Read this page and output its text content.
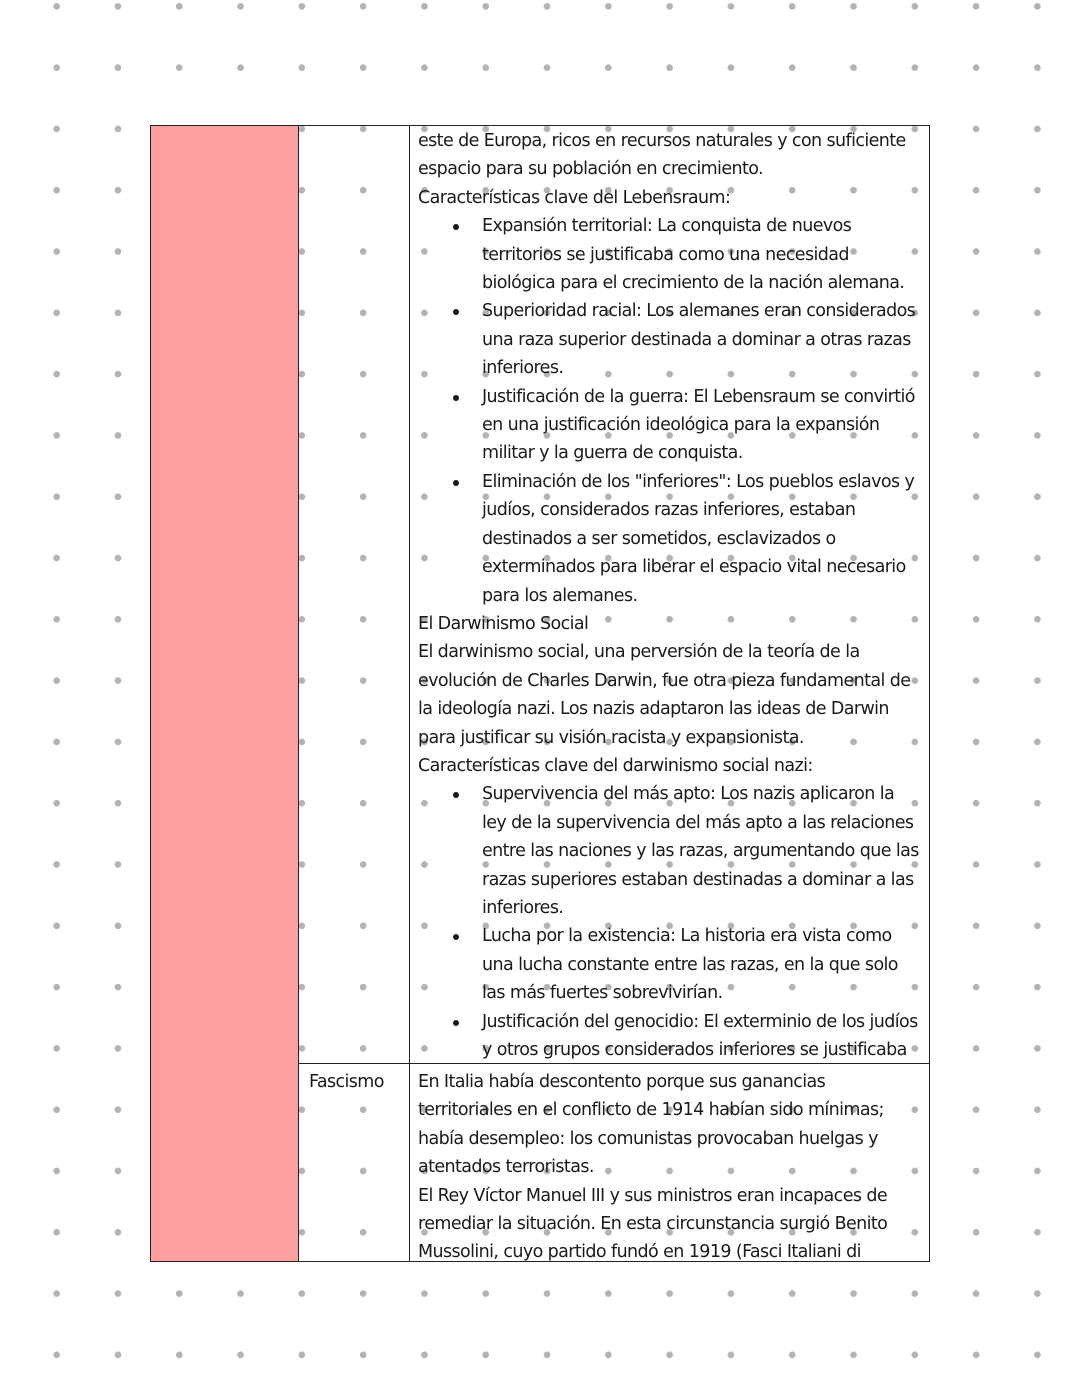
este de Europa, ricos en recursos naturales y con suficiente espacio para su población en crecimiento.

Características clave del Lebensraum:

Expansión territorial: La conquista de nuevos territorios se justificaba como una necesidad biológica para el crecimiento de la nación alemana.
Superioridad racial: Los alemanes eran considerados una raza superior destinada a dominar a otras razas inferiores.
Justificación de la guerra: El Lebensraum se convirtió en una justificación ideológica para la expansión militar y la guerra de conquista.
Eliminación de los "inferiores": Los pueblos eslavos y judíos, considerados razas inferiores, estaban destinados a ser sometidos, esclavizados o exterminados para liberar el espacio vital necesario para los alemanes.

El Darwinismo Social

El darwinismo social, una perversión de la teoría de la evolución de Charles Darwin, fue otra pieza fundamental de la ideología nazi. Los nazis adaptaron las ideas de Darwin para justificar su visión racista y expansionista.

Características clave del darwinismo social nazi:

Supervivencia del más apto: Los nazis aplicaron la ley de la supervivencia del más apto a las relaciones entre las naciones y las razas, argumentando que las razas superiores estaban destinadas a dominar a las inferiores.
Lucha por la existencia: La historia era vista como una lucha constante entre las razas, en la que solo las más fuertes sobrevivirían.
Justificación del genocidio: El exterminio de los judíos y otros grupos considerados inferiores se justificaba
Fascismo	En Italia había descontento porque sus ganancias territoriales en el conflicto de 1914 habían sido mínimas; había desempleo: los comunistas provocaban huelgas y atentados terroristas.

El Rey Víctor Manuel III y sus ministros eran incapaces de remediar la situación. En esta circunstancia surgió Benito Mussolini, cuyo partido fundó en 1919 (Fasci Italiani di
